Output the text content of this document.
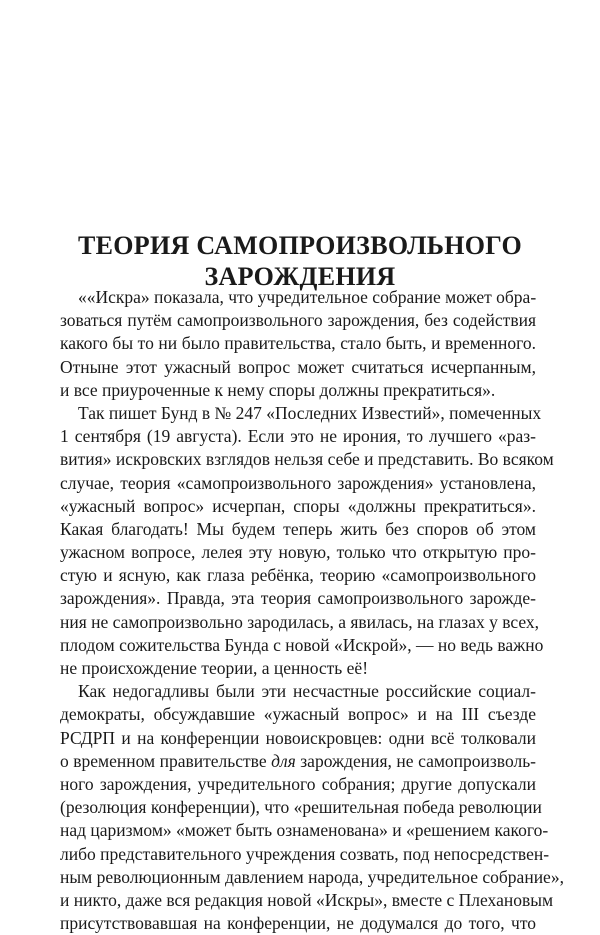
ТЕОРИЯ САМОПРОИЗВОЛЬНОГО
ЗАРОЖДЕНИЯ
««Искра» показала, что учредительное собрание может обра-
зоваться путём самопроизвольного зарождения, без содействия
какого бы то ни было правительства, стало быть, и временного.
Отныне этот ужасный вопрос может считаться исчерпанным,
и все приуроченные к нему споры должны прекратиться».
Так пишет Бунд в № 247 «Последних Известий», помеченных
1 сентября (19 августа). Если это не ирония, то лучшего «раз-
вития» искровских взглядов нельзя себе и представить. Во всяком
случае, теория «самопроизвольного зарождения» установлена,
«ужасный вопрос» исчерпан, споры «должны прекратиться».
Какая благодать! Мы будем теперь жить без споров об этом
ужасном вопросе, лелея эту новую, только что открытую про-
стую и ясную, как глаза ребёнка, теорию «самопроизвольного
зарождения». Правда, эта теория самопроизвольного зарожде-
ния не самопроизвольно зародилась, а явилась, на глазах у всех,
плодом сожительства Бунда с новой «Искрой», — но ведь важно
не происхождение теории, а ценность её!
Как недогадливы были эти несчастные российские социал-
демократы, обсуждавшие «ужасный вопрос» и на III съезде
РСДРП и на конференции новоискровцев: одни всё толковали
о временном правительстве для зарождения, не самопроизволь-
ного зарождения, учредительного собрания; другие допускали
(резолюция конференции), что «решительная победа революции
над царизмом» «может быть ознаменована» и «решением какого-
либо представительного учреждения созвать, под непосредствен-
ным революционным давлением народа, учредительное собрание»,
и никто, даже вся редакция новой «Искры», вместе с Плехановым
присутствовавшая на конференции, не додумался до того, что
